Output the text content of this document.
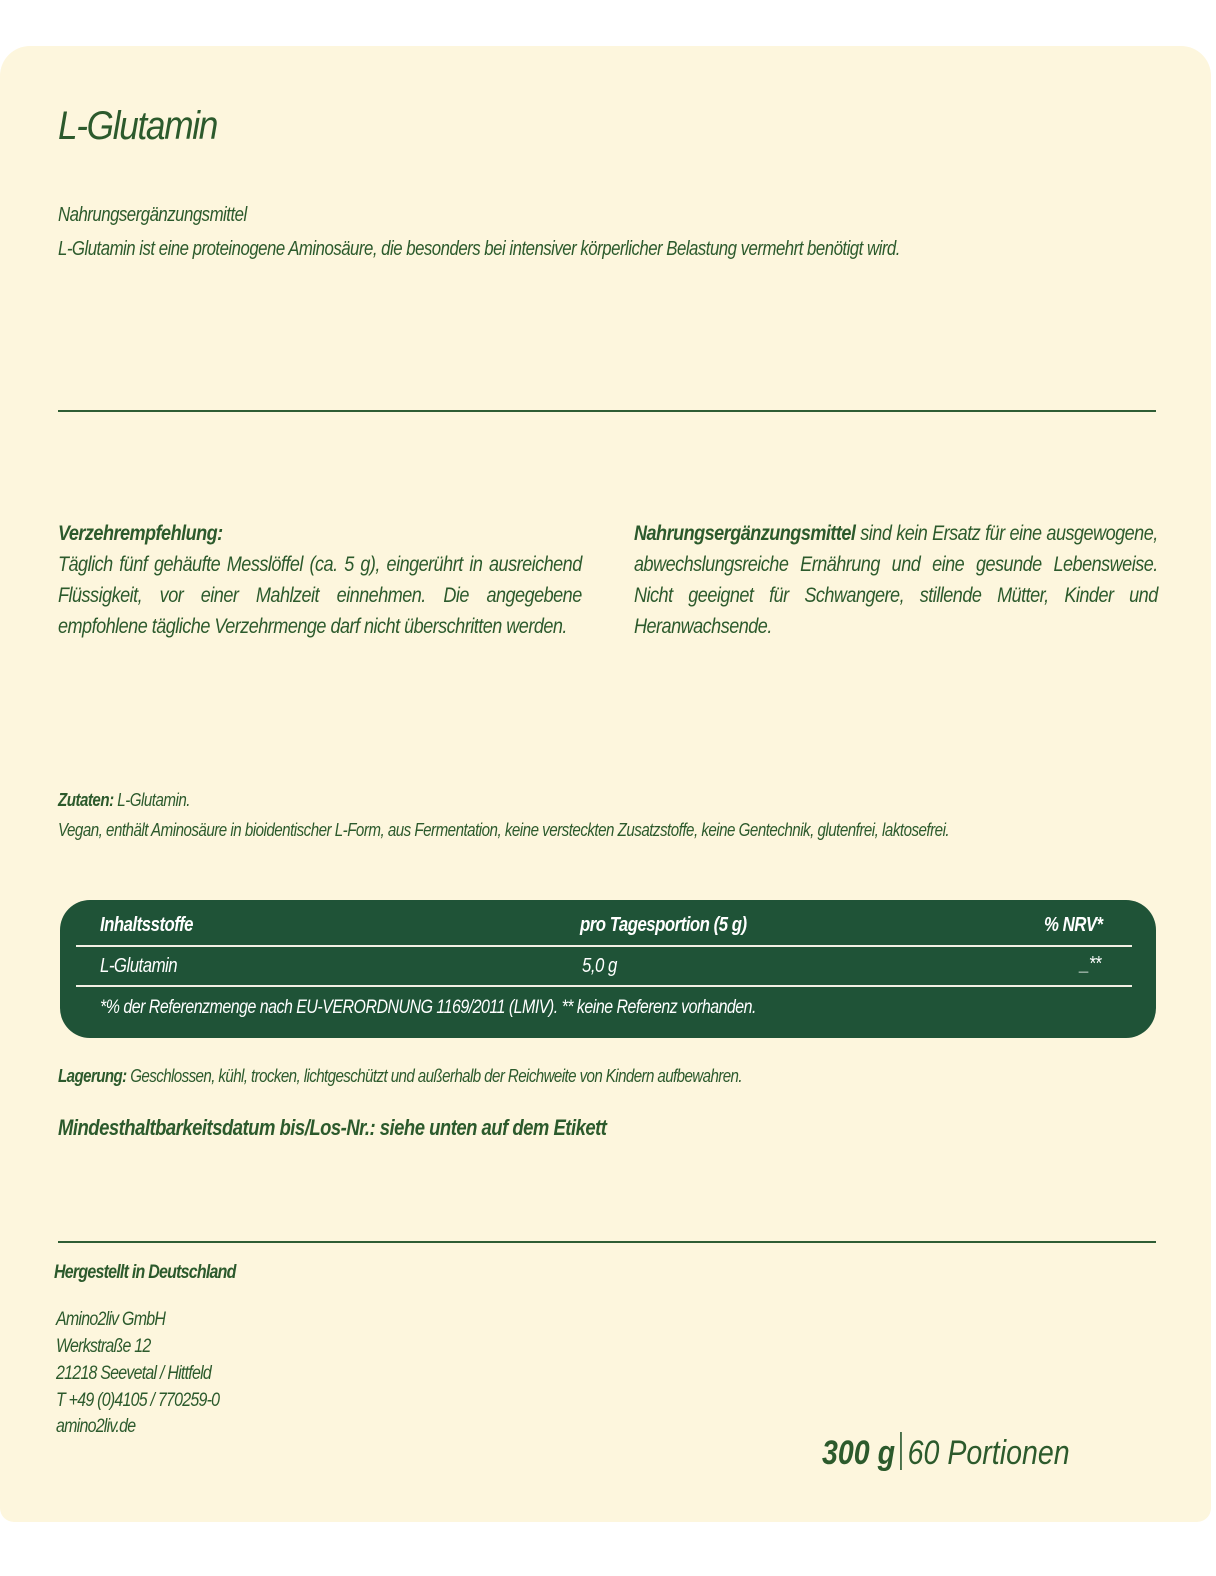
L-Glutamin
Nahrungsergänzungsmittel
L-Glutamin ist eine proteinogene Aminosäure, die besonders bei intensiver körperlicher Belastung vermehrt benötigt wird.
Verzehrempfehlung:
Täglich fünf gehäufte Messlöffel (ca. 5 g), eingerührt in ausreichend Flüssigkeit, vor einer Mahlzeit einnehmen. Die angegebene empfohlene tägliche Verzehrmenge darf nicht überschritten werden.
Nahrungsergänzungsmittel sind kein Ersatz für eine ausgewogene, abwechslungsreiche Ernährung und eine gesunde Lebensweise. Nicht geeignet für Schwangere, stillende Mütter, Kinder und Heranwachsende.
Zutaten: L-Glutamin.
Vegan, enthält Aminosäure in bioidentischer L-Form, aus Fermentation, keine versteckten Zusatzstoffe, keine Gentechnik, glutenfrei, laktosefrei.
Inhaltsstoffe	pro Tagesportion (5 g)	% NRV*
L-Glutamin	5,0 g	_**
*% der Referenzmenge nach EU-VERORDNUNG 1169/2011 (LMIV). ** keine Referenz vorhanden.
Lagerung: Geschlossen, kühl, trocken, lichtgeschützt und außerhalb der Reichweite von Kindern aufbewahren.
Mindesthaltbarkeitsdatum bis/Los-Nr.: siehe unten auf dem Etikett
Hergestellt in Deutschland
Amino2liv GmbH
Werkstraße 12
21218 Seevetal / Hittfeld
T +49 (0)4105 / 770259-0
amino2liv.de
300 g 60 Portionen
